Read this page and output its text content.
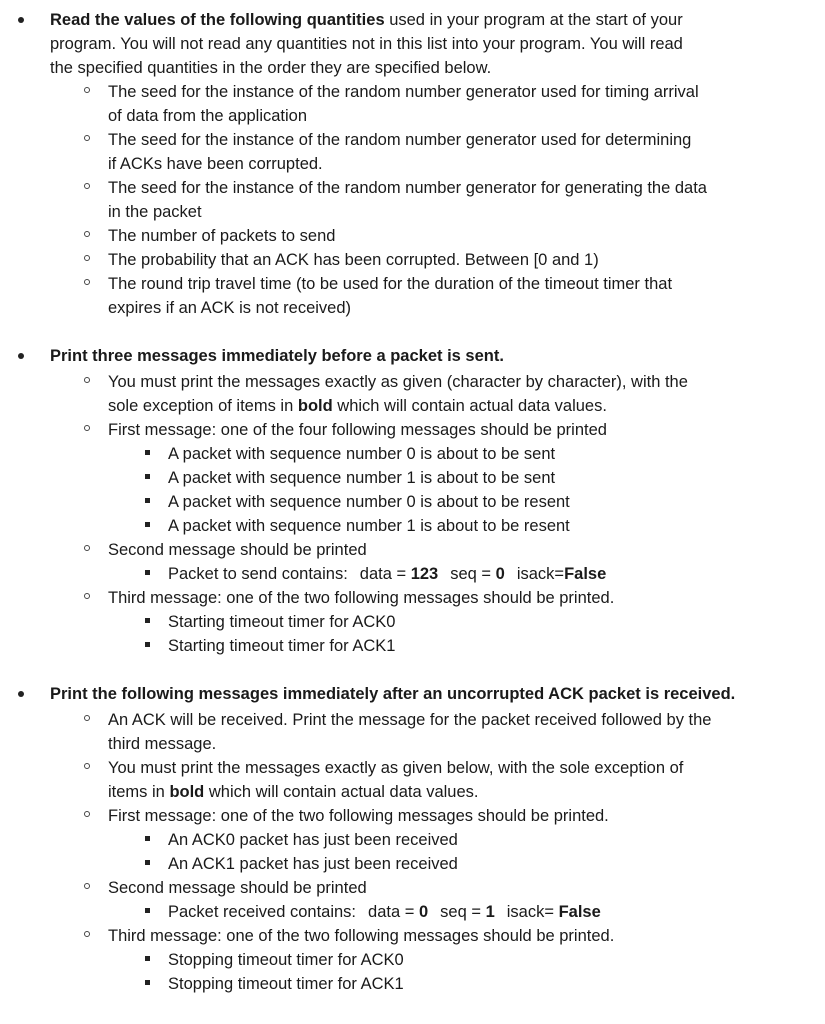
Read the values of the following quantities used in your program at the start of your
program. You will not read any quantities not in this list into your program. You will read
the specified quantities in the order they are specified below.
The seed for the instance of the random number generator used for timing arrival
of data from the application
The seed for the instance of the random number generator used for determining
if ACKs have been corrupted.
The seed for the instance of the random number generator for generating the data
in the packet
The number of packets to send
The probability that an ACK has been corrupted. Between [0 and 1)
The round trip travel time (to be used for the duration of the timeout timer that
expires if an ACK is not received)
Print three messages immediately before a packet is sent.
You must print the messages exactly as given (character by character), with the
sole exception of items in bold which will contain actual data values.
First message: one of the four following messages should be printed
A packet with sequence number 0 is about to be sent
A packet with sequence number 1 is about to be sent
A packet with sequence number 0 is about to be resent
A packet with sequence number 1 is about to be resent
Second message should be printed
Packet to send contains: data = 123 seq = 0 isack=False
Third message: one of the two following messages should be printed.
Starting timeout timer for ACK0
Starting timeout timer for ACK1
Print the following messages immediately after an uncorrupted ACK packet is received.
An ACK will be received. Print the message for the packet received followed by the
third message.
You must print the messages exactly as given below, with the sole exception of
items in bold which will contain actual data values.
First message: one of the two following messages should be printed.
An ACK0 packet has just been received
An ACK1 packet has just been received
Second message should be printed
Packet received contains: data = 0 seq = 1 isack= False
Third message: one of the two following messages should be printed.
Stopping timeout timer for ACK0
Stopping timeout timer for ACK1
